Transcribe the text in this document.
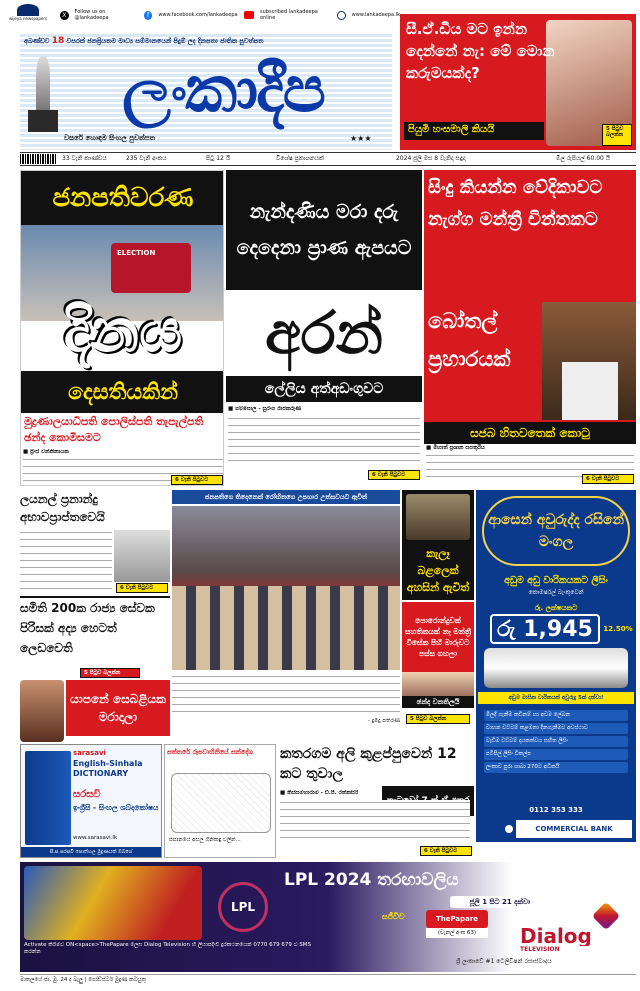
wijeya newspapers	X	Follow us on @lankadeepa	f	www.facebook.com/lankadeepa	subscribed lankadeepa online	www.lankadeepa.lk
අඛණ්ඩව 18 වසරක් ජනප්‍රියතම මාධ්‍ය සම්මානයෙන් පිදුම් ලද දිනපතා ජාතික පුවත්පත
ලංකාදීප
වසරේ හොඳම සිංහල පුවත්පත	★★★
සී.ඒ.ඩීය මට ඉන්න දෙන්නේ නැ: මේ මොන කරුමයක්ද?
පියුමි හංසමාලි කියයි	5 පිටුව බලන්න
33 වැනි කාණ්ඩය	235 වැනි අංකය	පිටු 12 යි	විශේෂ ප්‍රකාශනයක්	2024 ජූලි මස 8 වැනිදා සඳුදා	මිල රුපියල් 60.00 යි
ජනපතිවරණ
ELECTION
දිනය
දෙසතියකින්
මුද්‍රණාලයාධිපති පොලිස්පති තැපැල්පති ඡන්ද කොමිසමට
■ ප්‍රිංස් වන්නිනායක
6 වැනි පිටුවට
නැන්දණිය මරා දරු දෙදෙනා ප්‍රාණ ඇපයට
අරන්
ලේලිය අත්අඩංගුවට
■ ගම්පොල - සුරංග රාජකරුණ
6 වැනි පිටුවට
සිංදු කියන්න වේදිකාවට නැග්ග මන්ත්‍රී චින්තකට
බෝතල් ප්‍රහාරයක්
සජබ හිතවතෙක් කොටු
■ මිහාත් ප්‍රශාන සපතුරිය
6 වැනි පිටුවට
ලයනල් ප්‍රනාන්දු අභාවප්‍රාප්තවෙයි
6 වැනි පිටුවට
සමිති 200ක රාජ්‍ය සේවක පිරිසක් අද්‍ය හෙටත් ලෙඩවෙති
5 පිටුව බලන්න
යාපනේ සෙබළියක මරාදාලා
ජනපතිගෙ තිදෙනෙක් රෝහිතගෙ උපහාර උත්සවයට ඇවිත්
- දුමිදු පතිරණ
කැලෑ බළලෙක් අහසින් ඇවිත්
පොරොන්දුවක් සහතිකයක් නෑ මන්ත්‍රී විසේක පිහි මාරුවට පස්ස ගහලා
ඡන්ද වනතිලයි
5 පිටුව බලන්න
ආසෙන් අවුරුද්ද රසිනේ මංගල
අඩුම අඩු වාරිකයකට ලීසිං
කොමර්ෂල් බැංකුවෙන්
රු. ලක්ෂයකට
රු 1,945	12.50%
අඩුම මාසික වාරිකයක් අවුරුදු 5ක් දක්වා!
මිලදී ගැනීම කඩිනම් හා අවම ලේඛන
වාහන වට්ටම් කළමනා දිනගැනීමට අවස්ථාව
වැඩිම වට්ටම් දායකත්වය සහිත ලීසිං
පටිපිල් ලීසිං විකල්ප
ලංකාව පුරා ශාඛා 270ට අධිකයි
0112 353 333
COMMERCIAL BANK
sarasavi
English-Sinhala DICTIONARY
සරසවි
ඉංග්‍රීසි - සිංහල ශබ්දකෝෂය
www.sarasavi.lk
සී.ස සරසවි පොත්හල මුද්‍රණයක් ඔබගේ
පත්තරේ රූපවාහිනියේ සන්දේශ
ජපානයේ අසල ගිනිකඳු වලින්...
කතරගම අලි කුළප්පුවෙන් 12 කට තුවාල
■ තිස්සමහාරාම - ඩී.පී. රත්නසිරි
6 වැනි පිටුවට
LPL
LPL 2024 තරඟාවලිය
ජූලි 1 සිට 21 දක්වා
සජීවීව	ThePapare
(චැනල් අංක 63)
Activate කිරීමට ON<space>ThePapare ලෙස Dialog Television හි ලියාපදිංචි දුරකථනයෙන් 0770 679 679 ට SMS කරන්න
Dialog
TELEVISION
ශ්‍රී ලංකාවේ #1 ටෙලිවිෂන් රසාස්වාදය
මාතලයේ ජා. මු. 24 ද බැලු | ගෝඩ්ස්ටර් මුද්‍රණ කටයුතු
